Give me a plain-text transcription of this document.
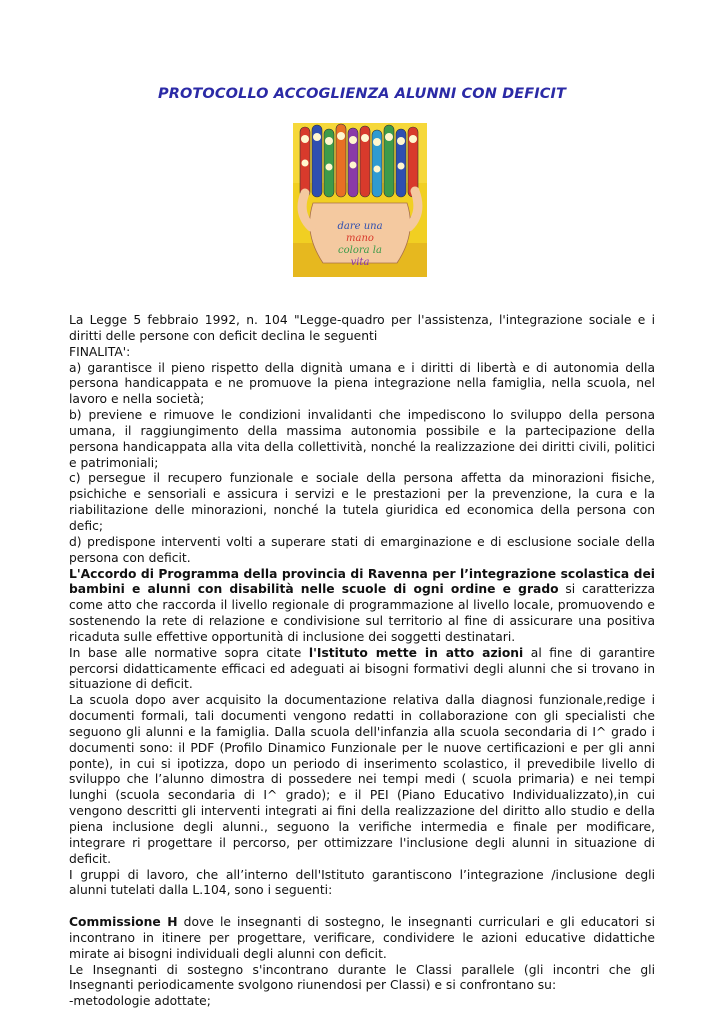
PROTOCOLLO ACCOGLIENZA ALUNNI CON DEFICIT
dare una
mano
colora la
vita

La Legge 5 febbraio 1992, n. 104 "Legge-quadro per l'assistenza, l'integrazione sociale e i diritti delle persone con deficit declina le seguenti

FINALITA':

a) garantisce il pieno rispetto della dignità umana e i diritti di libertà e di autonomia della persona handicappata e ne promuove la piena integrazione nella famiglia, nella scuola, nel lavoro e nella società;

b) previene e rimuove le condizioni invalidanti che impediscono lo sviluppo della persona umana, il raggiungimento della massima autonomia possibile e la partecipazione della persona handicappata alla vita della collettività, nonché la realizzazione dei diritti civili, politici e patrimoniali;

c) persegue il recupero funzionale e sociale della persona affetta da minorazioni fisiche, psichiche e sensoriali e assicura i servizi e le prestazioni per la prevenzione, la cura e la riabilitazione delle minorazioni, nonché la tutela giuridica ed economica della persona con defic;

d) predispone interventi volti a superare stati di emarginazione e di esclusione sociale della persona con deficit.

L'Accordo di Programma della provincia di Ravenna per l’integrazione scolastica dei bambini e alunni con disabilità nelle scuole di ogni ordine e grado si caratterizza come atto che raccorda il livello regionale di programmazione al livello locale, promuovendo e sostenendo la rete di relazione e condivisione sul territorio al fine di assicurare una positiva ricaduta sulle effettive opportunità di inclusione dei soggetti destinatari.

In base alle normative sopra citate l'Istituto mette in atto azioni al fine di garantire percorsi didatticamente efficaci ed adeguati ai bisogni formativi degli alunni che si trovano in situazione di deficit.

La scuola dopo aver acquisito la documentazione relativa dalla diagnosi funzionale,redige i documenti formali, tali documenti vengono redatti in collaborazione con gli specialisti che seguono gli alunni e la famiglia. Dalla scuola dell'infanzia alla scuola secondaria di I^ grado i documenti sono: il PDF (Profilo Dinamico Funzionale per le nuove certificazioni e per gli anni ponte), in cui si ipotizza, dopo un periodo di inserimento scolastico, il prevedibile livello di sviluppo che l’alunno dimostra di possedere nei tempi medi ( scuola primaria) e nei tempi lunghi (scuola secondaria di I^ grado); e il PEI (Piano Educativo Individualizzato),in cui vengono descritti gli interventi integrati ai fini della realizzazione del diritto allo studio e della piena inclusione degli alunni., seguono la verifiche intermedia e finale per modificare, integrare ri progettare il percorso, per ottimizzare l'inclusione degli alunni in situazione di deficit.

I gruppi di lavoro, che all’interno dell'Istituto garantiscono l’integrazione /inclusione degli alunni tutelati dalla L.104, sono i seguenti:

Commissione H dove le insegnanti di sostegno, le insegnanti curriculari e gli educatori si incontrano in itinere per progettare, verificare, condividere le azioni educative didattiche mirate ai bisogni individuali degli alunni con deficit.

Le Insegnanti di sostegno s'incontrano durante le Classi parallele (gli incontri che gli Insegnanti periodicamente svolgono riunendosi per Classi) e si confrontano su:

-metodologie adottate;
